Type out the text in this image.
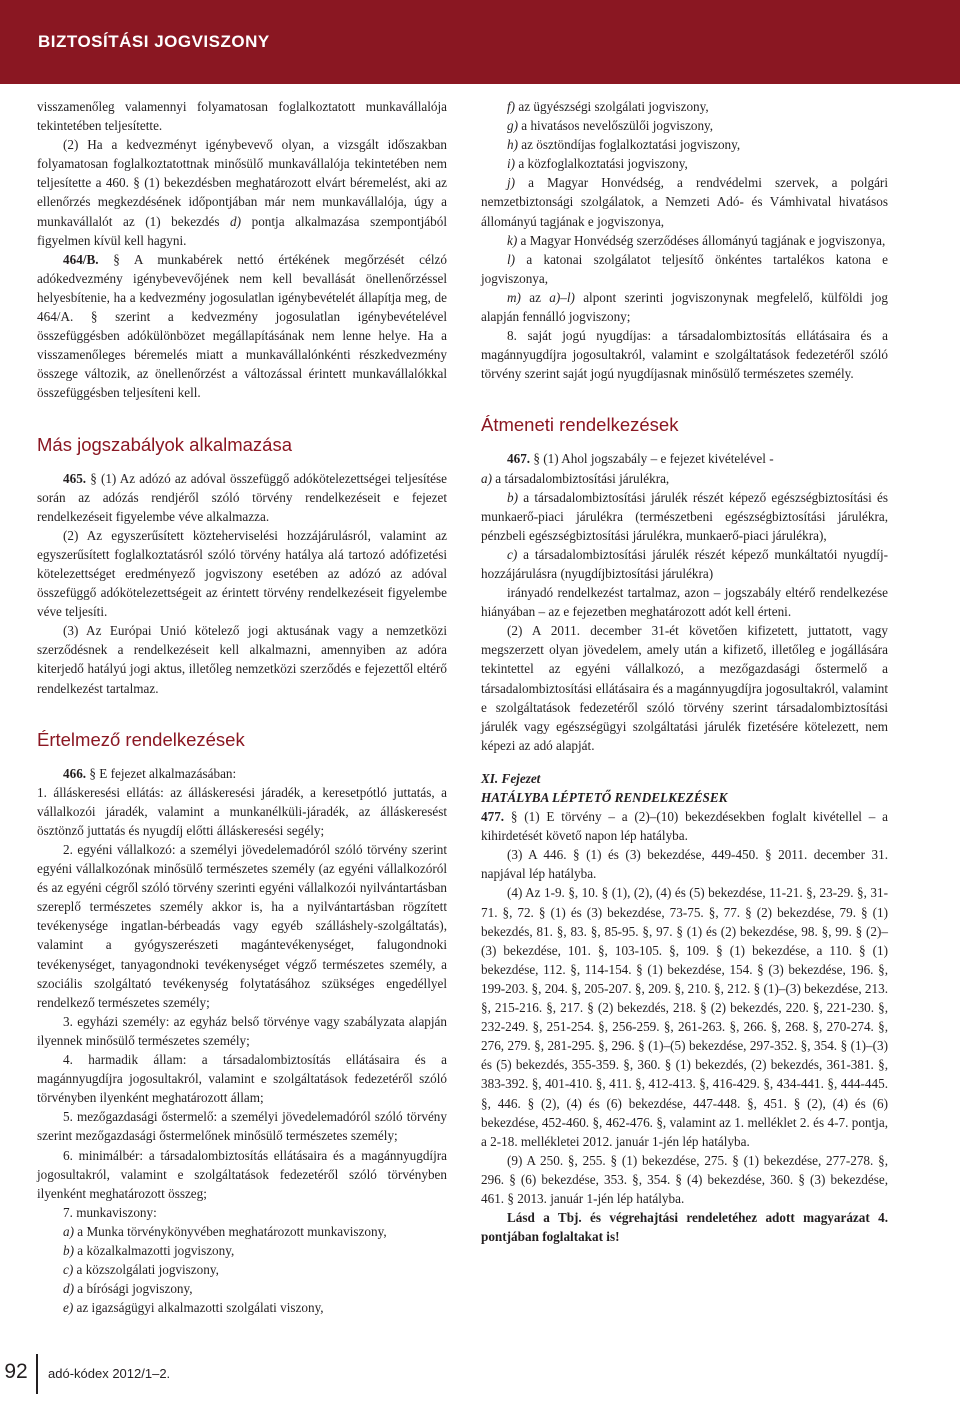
BIZTOSÍTÁSI JOGVISZONY

visszamenőleg valamennyi folyamatosan foglalkoztatott munkavállalója tekintetében teljesítette.

(2) Ha a kedvezményt igénybevevő olyan, a vizsgált időszakban folyamatosan foglalkoztatottnak minősülő munkavállalója tekintetében nem teljesítette a 460. § (1) bekezdésben meghatározott elvárt béremelést, aki az ellenőrzés megkezdésének időpontjában már nem munkavállalója, úgy a munkavállalót az (1) bekezdés d) pontja alkalmazása szempontjából figyelmen kívül kell hagyni.

464/B. § A munkabérek nettó értékének megőrzését célzó adókedvezmény igénybevevőjének nem kell bevallását önellenőrzéssel helyesbítenie, ha a kedvezmény jogosulatlan igénybevételét állapítja meg, de 464/A. § szerint a kedvezmény jogosulatlan igénybevételével összefüggésben adókülönbözet megállapításának nem lenne helye. Ha a visszamenőleges béremelés miatt a munkavállalónkénti részkedvezmény összege változik, az önellenőrzést a változással érintett munkavállalókkal összefüggésben teljesíteni kell.

Más jogszabályok alkalmazása

465. § (1) Az adózó az adóval összefüggő adókötelezettségei teljesítése során az adózás rendjéről szóló törvény rendelkezéseit e fejezet rendelkezéseit figyelembe véve alkalmazza.

(2) Az egyszerűsített közteherviselési hozzájárulásról, valamint az egyszerűsített foglalkoztatásról szóló törvény hatálya alá tartozó adófizetési kötelezettséget eredményező jogviszony esetében az adózó az adóval összefüggő adókötelezettségeit az érintett törvény rendelkezéseit figyelembe véve teljesíti.

(3) Az Európai Unió kötelező jogi aktusának vagy a nemzetközi szerződésnek a rendelkezéseit kell alkalmazni, amennyiben az adóra kiterjedő hatályú jogi aktus, illetőleg nemzetközi szerződés e fejezettől eltérő rendelkezést tartalmaz.

Értelmező rendelkezések

466. § E fejezet alkalmazásában:

1. álláskeresési ellátás: az álláskeresési járadék, a keresetpótló juttatás, a vállalkozói járadék, valamint a munkanélküli-járadék, az álláskeresést ösztönző juttatás és nyugdíj előtti álláskeresési segély;

2. egyéni vállalkozó: a személyi jövedelemadóról szóló törvény szerint egyéni vállalkozónak minősülő természetes személy (az egyéni vállalkozóról és az egyéni cégről szóló törvény szerinti egyéni vállalkozói nyilvántartásban szereplő természetes személy akkor is, ha a nyilvántartásban rögzített tevékenysége ingatlan-bérbeadás vagy egyéb szálláshely-szolgáltatás), valamint a gyógyszerészeti magántevékenységet, falugondnoki tevékenységet, tanyagondnoki tevékenységet végző természetes személy, a szociális szolgáltató tevékenység folytatásához szükséges engedéllyel rendelkező természetes személy;

3. egyházi személy: az egyház belső törvénye vagy szabályzata alapján ilyennek minősülő természetes személy;

4. harmadik állam: a társadalombiztosítás ellátásaira és a magánnyugdíjra jogosultakról, valamint e szolgáltatások fedezetéről szóló törvényben ilyenként meghatározott állam;

5. mezőgazdasági őstermelő: a személyi jövedelemadóról szóló törvény szerint mezőgazdasági őstermelőnek minősülő természetes személy;

6. minimálbér: a társadalombiztosítás ellátásaira és a magánnyugdíjra jogosultakról, valamint e szolgáltatások fedezetéről szóló törvényben ilyenként meghatározott összeg;

7. munkaviszony:

a) a Munka törvénykönyvében meghatározott munkaviszony,

b) a közalkalmazotti jogviszony,

c) a közszolgálati jogviszony,

d) a bírósági jogviszony,

e) az igazságügyi alkalmazotti szolgálati viszony,

f) az ügyészségi szolgálati jogviszony,

g) a hivatásos nevelőszülői jogviszony,

h) az ösztöndíjas foglalkoztatási jogviszony,

i) a közfoglalkoztatási jogviszony,

j) a Magyar Honvédség, a rendvédelmi szervek, a polgári nemzetbiztonsági szolgálatok, a Nemzeti Adó- és Vámhivatal hivatásos állományú tagjának e jogviszonya,

k) a Magyar Honvédség szerződéses állományú tagjának e jogviszonya,

l) a katonai szolgálatot teljesítő önkéntes tartalékos katona e jogviszonya,

m) az a)–l) alpont szerinti jogviszonynak megfelelő, külföldi jog alapján fennálló jogviszony;

8. saját jogú nyugdíjas: a társadalombiztosítás ellátásaira és a magánnyugdíjra jogosultakról, valamint e szolgáltatások fedezetéről szóló törvény szerint saját jogú nyugdíjasnak minősülő természetes személy.

Átmeneti rendelkezések

467. § (1) Ahol jogszabály – e fejezet kivételével -

a) a társadalombiztosítási járulékra,

b) a társadalombiztosítási járulék részét képező egészségbiztosítási és munkaerő-piaci járulékra (természetbeni egészségbiztosítási járulékra, pénzbeli egészségbiztosítási járulékra, munkaerő-piaci járulékra),

c) a társadalombiztosítási járulék részét képező munkáltatói nyugdíj-hozzájárulásra (nyugdíjbiztosítási járulékra)

irányadó rendelkezést tartalmaz, azon – jogszabály eltérő rendelkezése hiányában – az e fejezetben meghatározott adót kell érteni.

(2) A 2011. december 31-ét követően kifizetett, juttatott, vagy megszerzett olyan jövedelem, amely után a kifizető, illetőleg e jogállására tekintettel az egyéni vállalkozó, a mezőgazdasági őstermelő a társadalombiztosítási ellátásaira és a magánnyugdíjra jogosultakról, valamint e szolgáltatások fedezetéről szóló törvény szerint társadalombiztosítási járulék vagy egészségügyi szolgáltatási járulék fizetésére kötelezett, nem képezi az adó alapját.

XI. Fejezet
HATÁLYBA LÉPTETŐ RENDELKEZÉSEK

477. § (1) E törvény – a (2)–(10) bekezdésekben foglalt kivétellel – a kihirdetését követő napon lép hatályba.

(3) A 446. § (1) és (3) bekezdése, 449-450. § 2011. december 31. napjával lép hatályba.

(4) Az 1-9. §, 10. § (1), (2), (4) és (5) bekezdése, 11-21. §, 23-29. §, 31-71. §, 72. § (1) és (3) bekezdése, 73-75. §, 77. § (2) bekezdése, 79. § (1) bekezdés, 81. §, 83. §, 85-95. §, 97. § (1) és (2) bekezdése, 98. §, 99. § (2)–(3) bekezdése, 101. §, 103-105. §, 109. § (1) bekezdése, a 110. § (1) bekezdése, 112. §, 114-154. § (1) bekezdése, 154. § (3) bekezdése, 196. §, 199-203. §, 204. §, 205-207. §, 209. §, 210. §, 212. § (1)–(3) bekezdése, 213. §, 215-216. §, 217. § (2) bekezdés, 218. § (2) bekezdés, 220. §, 221-230. §, 232-249. §, 251-254. §, 256-259. §, 261-263. §, 266. §, 268. §, 270-274. §, 276, 279. §, 281-295. §, 296. § (1)–(5) bekezdése, 297-352. §, 354. § (1)–(3) és (5) bekezdés, 355-359. §, 360. § (1) bekezdés, (2) bekezdés, 361-381. §, 383-392. §, 401-410. §, 411. §, 412-413. §, 416-429. §, 434-441. §, 444-445. §, 446. § (2), (4) és (6) bekezdése, 447-448. §, 451. § (2), (4) és (6) bekezdése, 452-460. §, 462-476. §, valamint az 1. melléklet 2. és 4-7. pontja, a 2-18. mellékletei 2012. január 1-jén lép hatályba.

(9) A 250. §, 255. § (1) bekezdése, 275. § (1) bekezdése, 277-278. §, 296. § (6) bekezdése, 353. §, 354. § (4) bekezdése, 360. § (3) bekezdése, 461. § 2013. január 1-jén lép hatályba.

Lásd a Tbj. és végrehajtási rendeletéhez adott magyarázat 4. pontjában foglaltakat is!

92	adó-kódex 2012/1–2.
